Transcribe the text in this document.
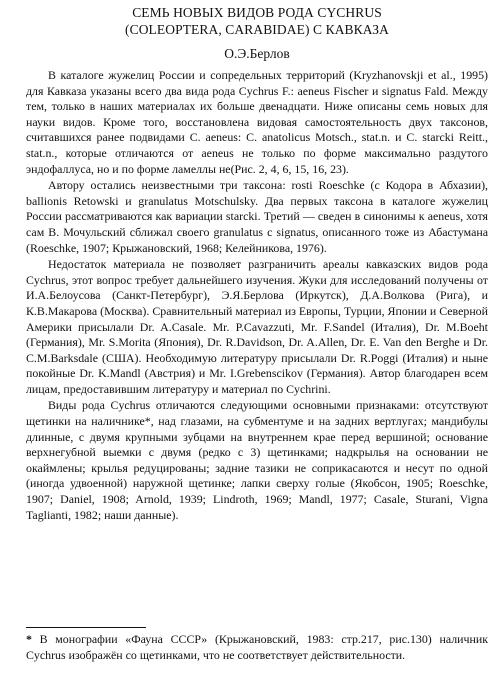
СЕМЬ НОВЫХ ВИДОВ РОДА CYCHRUS

(COLEOPTERA, CARABIDAE) С КАВКАЗА

О.Э.Берлов

В каталоге жужелиц России и сопредельных территорий (Kryzhanovskji et al., 1995) для Кавказа указаны всего два вида рода Cychrus F.: aeneus Fischer и signatus Fald. Между тем, только в наших материалах их больше двенадцати. Ниже описаны семь новых для науки видов. Кроме того, восстановлена видовая самостоятельность двух таксонов, считавшихся ранее подвидами C. aeneus: C. anatolicus Motsch., stat.n. и C. starcki Reitt., stat.n., которые отличаются от aeneus не только по форме максимально раздутого эндофаллуса, но и по форме ламеллы не(Рис. 2, 4, 6, 15, 16, 23).

Автору остались неизвестными три таксона: rosti Roeschke (с Кодора в Абхазии), ballionis Retowski и granulatus Motschulsky. Два первых таксона в каталоге жужелиц России рассматриваются как вариации starcki. Третий — сведен в синонимы к aeneus, хотя сам В. Мочульский сближал своего granulatus с signatus, описанного тоже из Абастумана (Roeschke, 1907; Крыжановский, 1968; Келейникова, 1976).

Недостаток материала не позволяет разграничить ареалы кавказских видов рода Cychrus, этот вопрос требует дальнейшего изучения. Жуки для исследований получены от И.А.Белоусова (Санкт-Петербург), Э.Я.Берлова (Иркутск), Д.А.Волкова (Рига), и К.В.Макарова (Москва). Сравнительный материал из Европы, Турции, Японии и Северной Америки присылали Dr. A.Casale. Mr. P.Cavazzuti, Mr. F.Sandel (Италия), Dr. M.Boeht (Германия), Mr. S.Morita (Япония), Dr. R.Davidson, Dr. A.Allen, Dr. E. Van den Berghe и Dr. C.M.Barksdale (США). Необходимую литературу присылали Dr. R.Poggi (Италия) и ныне покойные Dr. K.Mandl (Австрия) и Mr. I.Grebenscikov (Германия). Автор благодарен всем лицам, предоставившим литературу и материал по Cychrini.

Виды рода Cychrus отличаются следующими основными признаками: отсутствуют щетинки на наличнике*, над глазами, на субментуме и на задних вертлугах; мандибулы длинные, с двумя крупными зубцами на внутреннем крае перед вершиной; основание верхнегубной выемки с двумя (редко с 3) щетинками; надкрылья на основании не окаймлены; крылья редуцированы; задние тазики не соприкасаются и несут по одной (иногда удвоенной) наружной щетинке; лапки сверху голые (Якобсон, 1905; Roeschke, 1907; Daniel, 1908; Arnold, 1939; Lindroth, 1969; Mandl, 1977; Casale, Sturani, Vigna Taglianti, 1982; наши данные).

* В монографии «Фауна СССР» (Крыжановский, 1983: стр.217, рис.130) наличник Cychrus изображён со щетинками, что не соответствует действительности.
